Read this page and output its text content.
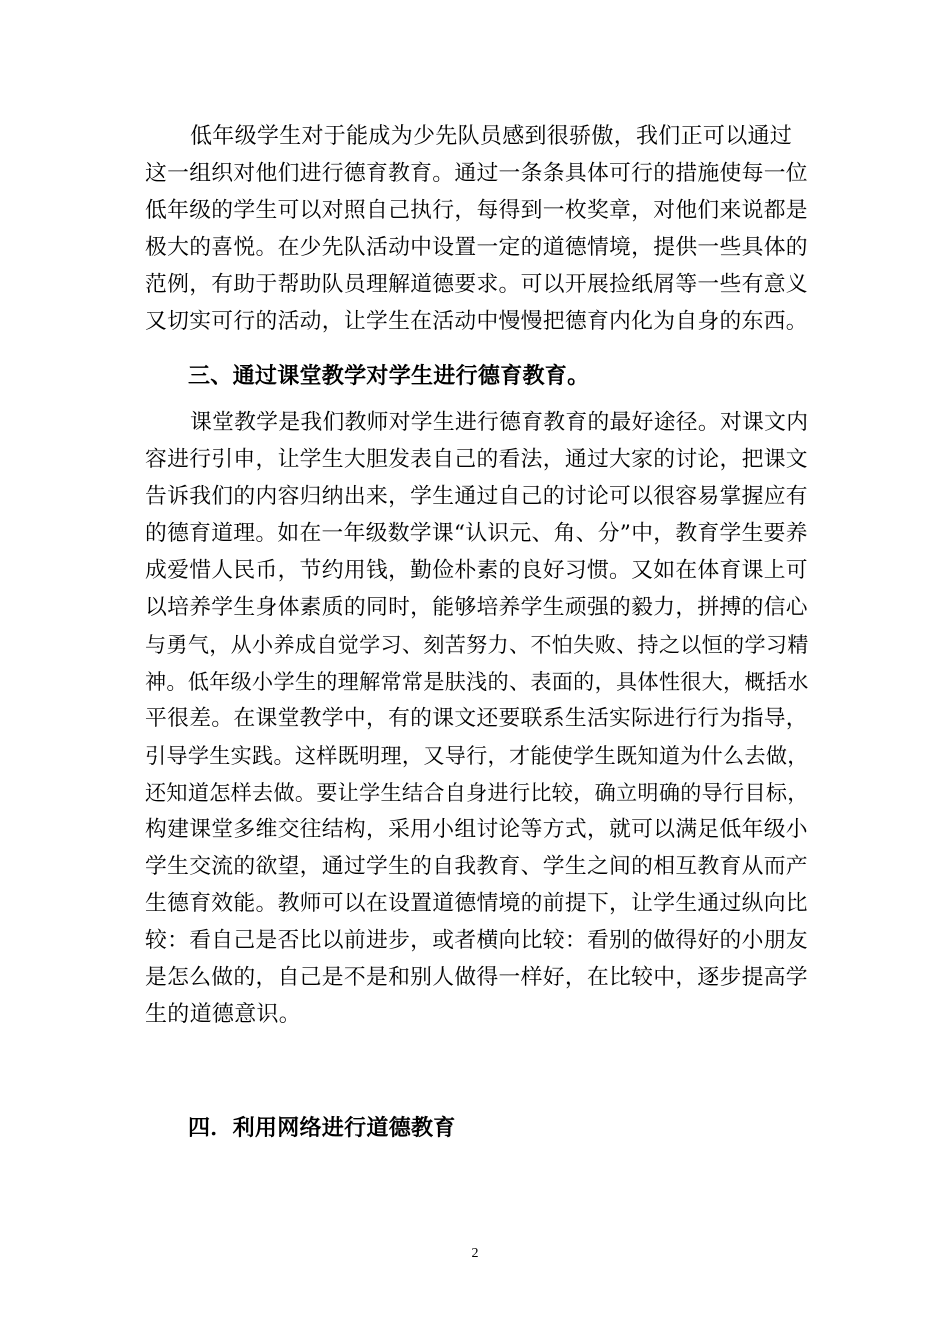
低年级学生对于能成为少先队员感到很骄傲，我们正可以通过
这一组织对他们进行德育教育。通过一条条具体可行的措施使每一位
低年级的学生可以对照自己执行，每得到一枚奖章，对他们来说都是
极大的喜悦。在少先队活动中设置一定的道德情境，提供一些具体的
范例，有助于帮助队员理解道德要求。可以开展捡纸屑等一些有意义
又切实可行的活动，让学生在活动中慢慢把德育内化为自身的东西。
三、通过课堂教学对学生进行德育教育。
课堂教学是我们教师对学生进行德育教育的最好途径。对课文内
容进行引申，让学生大胆发表自己的看法，通过大家的讨论，把课文
告诉我们的内容归纳出来，学生通过自己的讨论可以很容易掌握应有
的德育道理。如在一年级数学课“认识元、角、分”中，教育学生要养
成爱惜人民币，节约用钱，勤俭朴素的良好习惯。又如在体育课上可
以培养学生身体素质的同时，能够培养学生顽强的毅力，拼搏的信心
与勇气，从小养成自觉学习、刻苦努力、不怕失败、持之以恒的学习精
神。低年级小学生的理解常常是肤浅的、表面的，具体性很大，概括水
平很差。在课堂教学中，有的课文还要联系生活实际进行行为指导，
引导学生实践。这样既明理，又导行，才能使学生既知道为什么去做，
还知道怎样去做。要让学生结合自身进行比较，确立明确的导行目标，
构建课堂多维交往结构，采用小组讨论等方式，就可以满足低年级小
学生交流的欲望，通过学生的自我教育、学生之间的相互教育从而产
生德育效能。教师可以在设置道德情境的前提下，让学生通过纵向比
较：看自己是否比以前进步，或者横向比较：看别的做得好的小朋友
是怎么做的，自己是不是和别人做得一样好，在比较中，逐步提高学
生的道德意识。
四．利用网络进行道德教育
2
